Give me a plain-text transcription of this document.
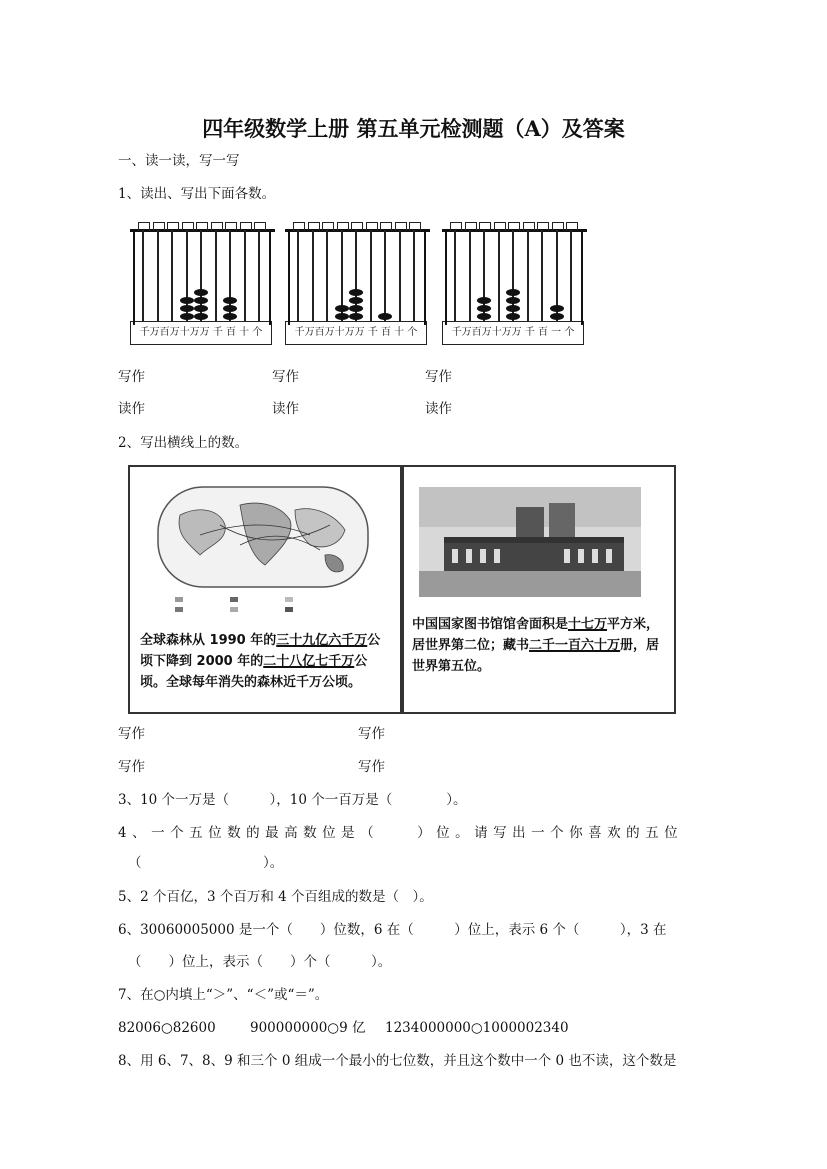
四年级数学上册 第五单元检测题（A）及答案
一、读一读，写一写
1、读出、写出下面各数。
千万百万十万万 千 百 十 个	千万百万十万万 千 百 十 个	千万百万十万万 千 百 一 个
写作	写作	写作
读作	读作	读作
2、写出横线上的数。
全球森林从 1990 年的三十九亿六千万公顷下降到 2000 年的二十八亿七千万公顷。全球每年消失的森林近千万公顷。
中国国家图书馆馆舍面积是十七万平方米，居世界第二位；藏书二千一百六十万册，居世界第五位。
写作	写作
写作	写作
3、10 个一万是（　　　），10 个一百万是（　　　　）。
4、一个五位数的最高数位是（　　）位。请写出一个你喜欢的五位
（　　　　　　　　　）。
5、2 个百亿，3 个百万和 4 个百组成的数是（　）。
6、30060005000 是一个（　　）位数，6 在（　　　）位上，表示 6 个（　　　），3 在
（　　）位上，表示（　　）个（　　　）。
7、在○内填上“＞”、“＜”或“＝”。
82006○82600	900000000○9 亿 1234000000○1000002340
8、用 6、7、8、9 和三个 0 组成一个最小的七位数，并且这个数中一个 0 也不读，这个数是
